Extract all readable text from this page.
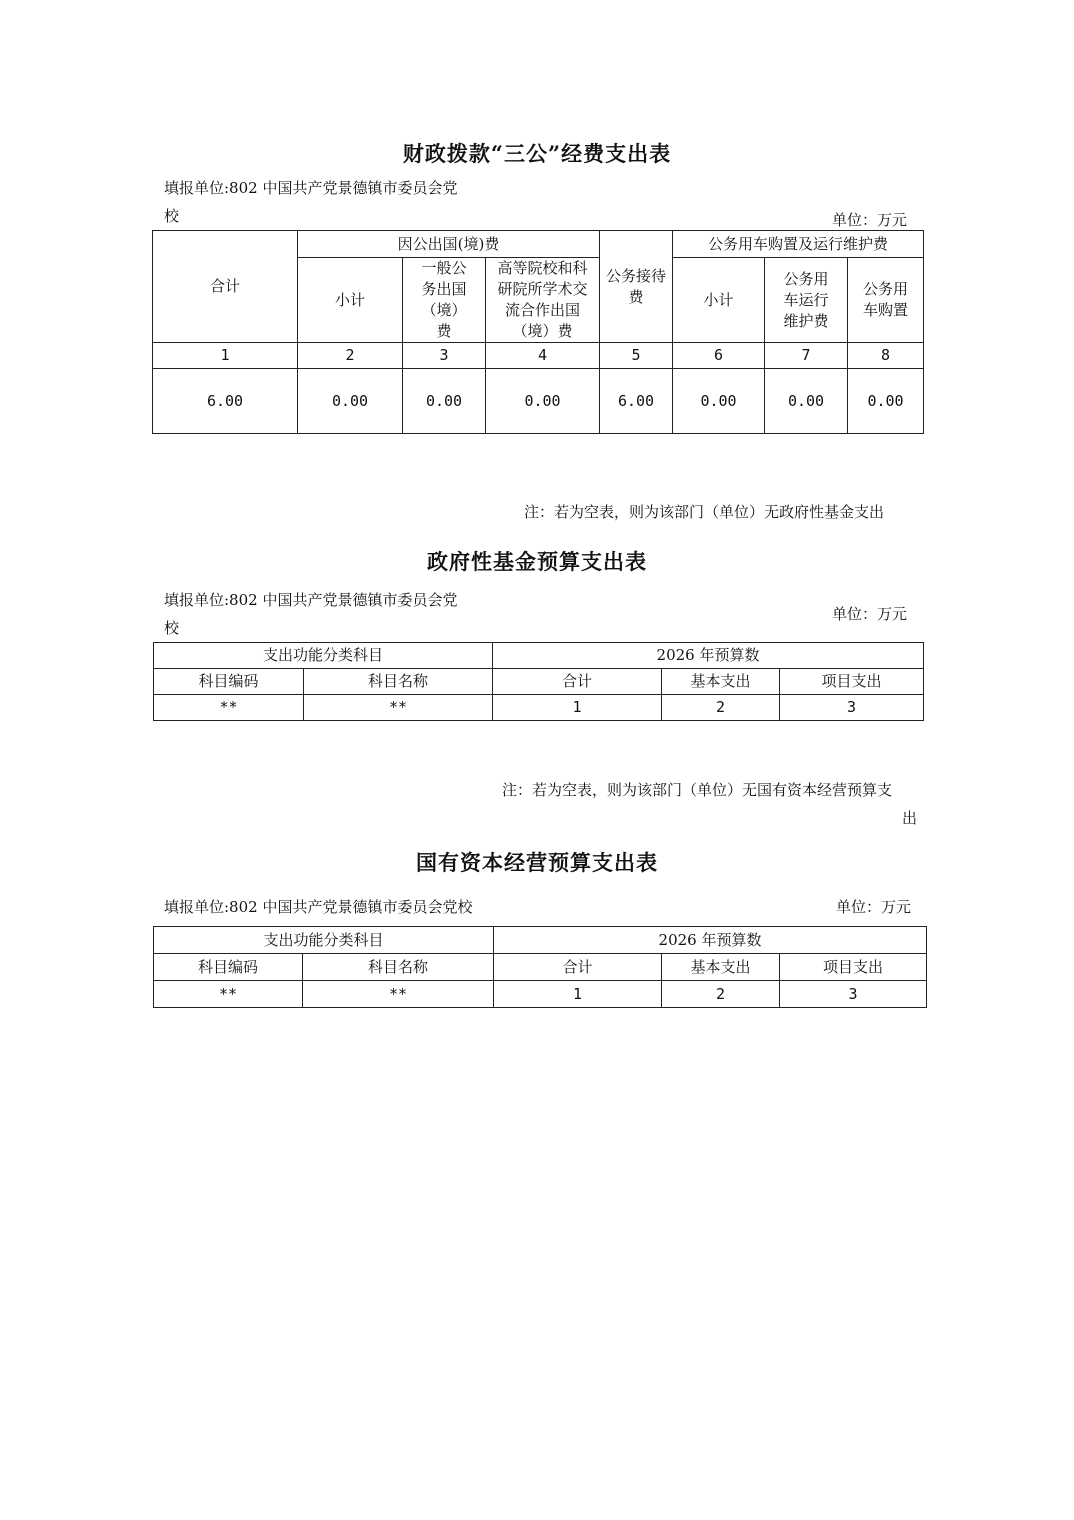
财政拨款“三公”经费支出表
填报单位:802 中国共产党景德镇市委员会党
校	单位：万元
合计	因公出国(境)费			公务接待费	公务用车购置及运行维护费		
	小计	一般公务出国（境）费	高等院校和科研院所学术交流合作出国（境）费		小计	公务用车运行维护费	公务用车购置
1	2	3	4	5	6	7	8
6.00	0.00	0.00	0.00	6.00	0.00	0.00	0.00
注：若为空表，则为该部门（单位）无政府性基金支出
政府性基金预算支出表
填报单位:802 中国共产党景德镇市委员会党
校
单位：万元
支出功能分类科目		2026 年预算数		
科目编码	科目名称	合计	基本支出	项目支出
**	**	1	2	3
注：若为空表，则为该部门（单位）无国有资本经营预算支
出
国有资本经营预算支出表
填报单位:802 中国共产党景德镇市委员会党校	单位：万元
支出功能分类科目		2026 年预算数		
科目编码	科目名称	合计	基本支出	项目支出
**	**	1	2	3
